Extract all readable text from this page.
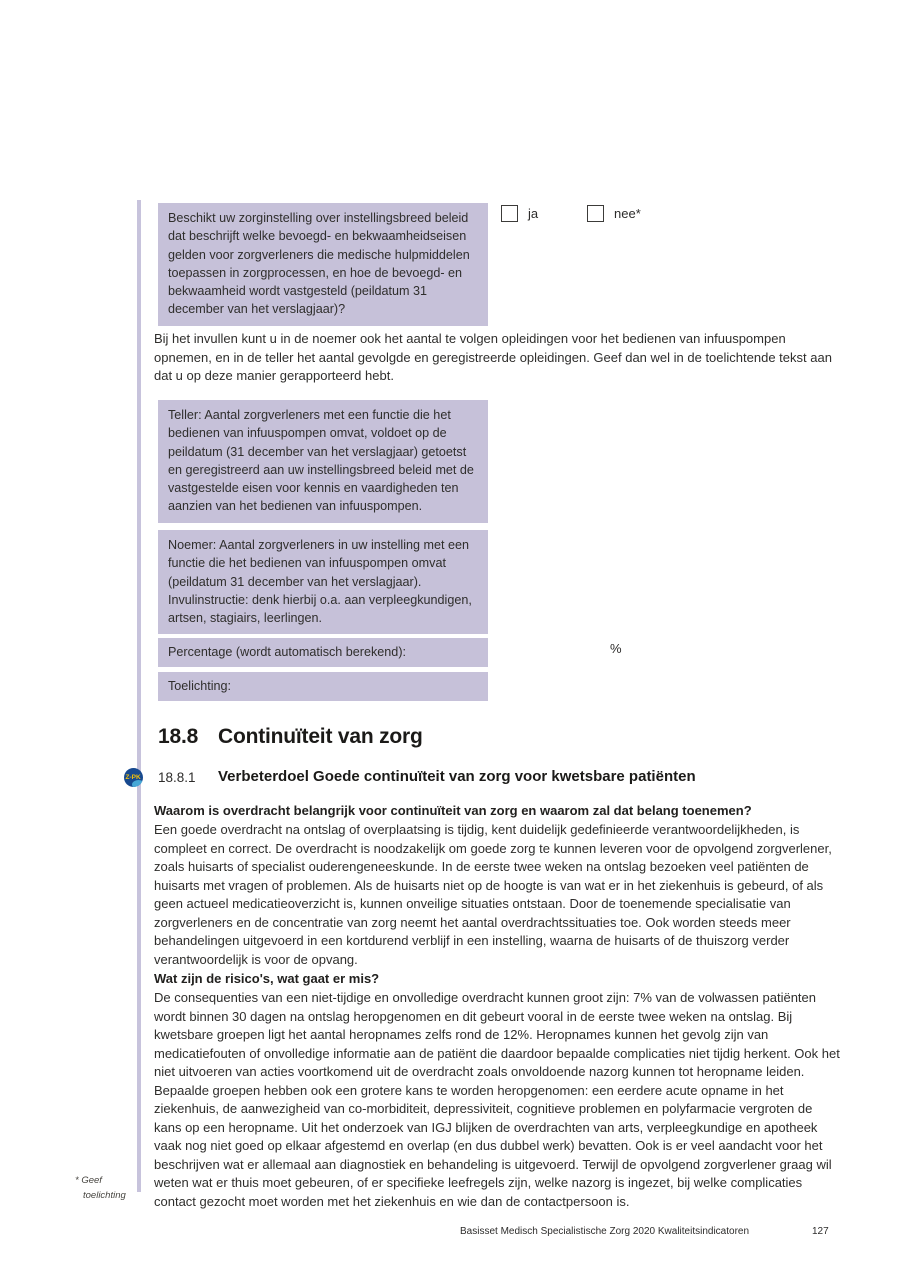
Beschikt uw zorginstelling over instellingsbreed beleid dat beschrijft welke bevoegd- en bekwaamheidseisen gelden voor zorgverleners die medische hulpmiddelen toepassen in zorgprocessen, en hoe de bevoegd- en bekwaamheid wordt vastgesteld (peildatum 31 december van het verslagjaar)?
ja	nee*
Bij het invullen kunt u in de noemer ook het aantal te volgen opleidingen voor het bedienen van infuuspompen opnemen, en in de teller het aantal gevolgde en geregistreerde opleidingen. Geef dan wel in de toelichtende tekst aan dat u op deze manier gerapporteerd hebt.
Teller: Aantal zorgverleners met een functie die het bedienen van infuuspompen omvat, voldoet op de peildatum (31 december van het verslagjaar) getoetst en geregistreerd aan uw instellingsbreed beleid met de vastgestelde eisen voor kennis en vaardigheden ten aanzien van het bedienen van infuuspompen.
Noemer: Aantal zorgverleners in uw instelling met een functie die het bedienen van infuuspompen omvat (peildatum 31 december van het verslagjaar). Invulinstructie: denk hierbij o.a. aan verpleegkundigen, artsen, stagiairs, leerlingen.
Percentage (wordt automatisch berekend):	%
Toelichting:
18.8 Continuïteit van zorg
Z-PK 18.8.1 Verbeterdoel Goede continuïteit van zorg voor kwetsbare patiënten
Waarom is overdracht belangrijk voor continuïteit van zorg en waarom zal dat belang toenemen?
Een goede overdracht na ontslag of overplaatsing is tijdig, kent duidelijk gedefinieerde verantwoordelijkheden, is compleet en correct. De overdracht is noodzakelijk om goede zorg te kunnen leveren voor de opvolgend zorgverlener, zoals huisarts of specialist ouderengeneeskunde. In de eerste twee weken na ontslag bezoeken veel patiënten de huisarts met vragen of problemen. Als de huisarts niet op de hoogte is van wat er in het ziekenhuis is gebeurd, of als geen actueel medicatieoverzicht is, kunnen onveilige situaties ontstaan. Door de toenemende specialisatie van zorgverleners en de concentratie van zorg neemt het aantal overdrachtssituaties toe. Ook worden steeds meer behandelingen uitgevoerd in een kortdurend verblijf in een instelling, waarna de huisarts of de thuiszorg verder verantwoordelijk is voor de opvang.
Wat zijn de risico's, wat gaat er mis?
De consequenties van een niet-tijdige en onvolledige overdracht kunnen groot zijn: 7% van de volwassen patiënten wordt binnen 30 dagen na ontslag heropgenomen en dit gebeurt vooral in de eerste twee weken na ontslag. Bij kwetsbare groepen ligt het aantal heropnames zelfs rond de 12%. Heropnames kunnen het gevolg zijn van medicatiefouten of onvolledige informatie aan de patiënt die daardoor bepaalde complicaties niet tijdig herkent. Ook het niet uitvoeren van acties voortkomend uit de overdracht zoals onvoldoende nazorg kunnen tot heropname leiden. Bepaalde groepen hebben ook een grotere kans te worden heropgenomen: een eerdere acute opname in het ziekenhuis, de aanwezigheid van co-morbiditeit, depressiviteit, cognitieve problemen en polyfarmacie vergroten de kans op een heropname. Uit het onderzoek van IGJ blijken de overdrachten van arts, verpleegkundige en apotheek vaak nog niet goed op elkaar afgestemd en overlap (en dus dubbel werk) bevatten. Ook is er veel aandacht voor het beschrijven wat er allemaal aan diagnostiek en behandeling is uitgevoerd. Terwijl de opvolgend zorgverlener graag wil weten wat er thuis moet gebeuren, of er specifieke leefregels zijn, welke nazorg is ingezet, bij welke complicaties contact gezocht moet worden met het ziekenhuis en wie dan de contactpersoon is.
* Geef
toelichting
Basisset Medisch Specialistische Zorg 2020 Kwaliteitsindicatoren	127
